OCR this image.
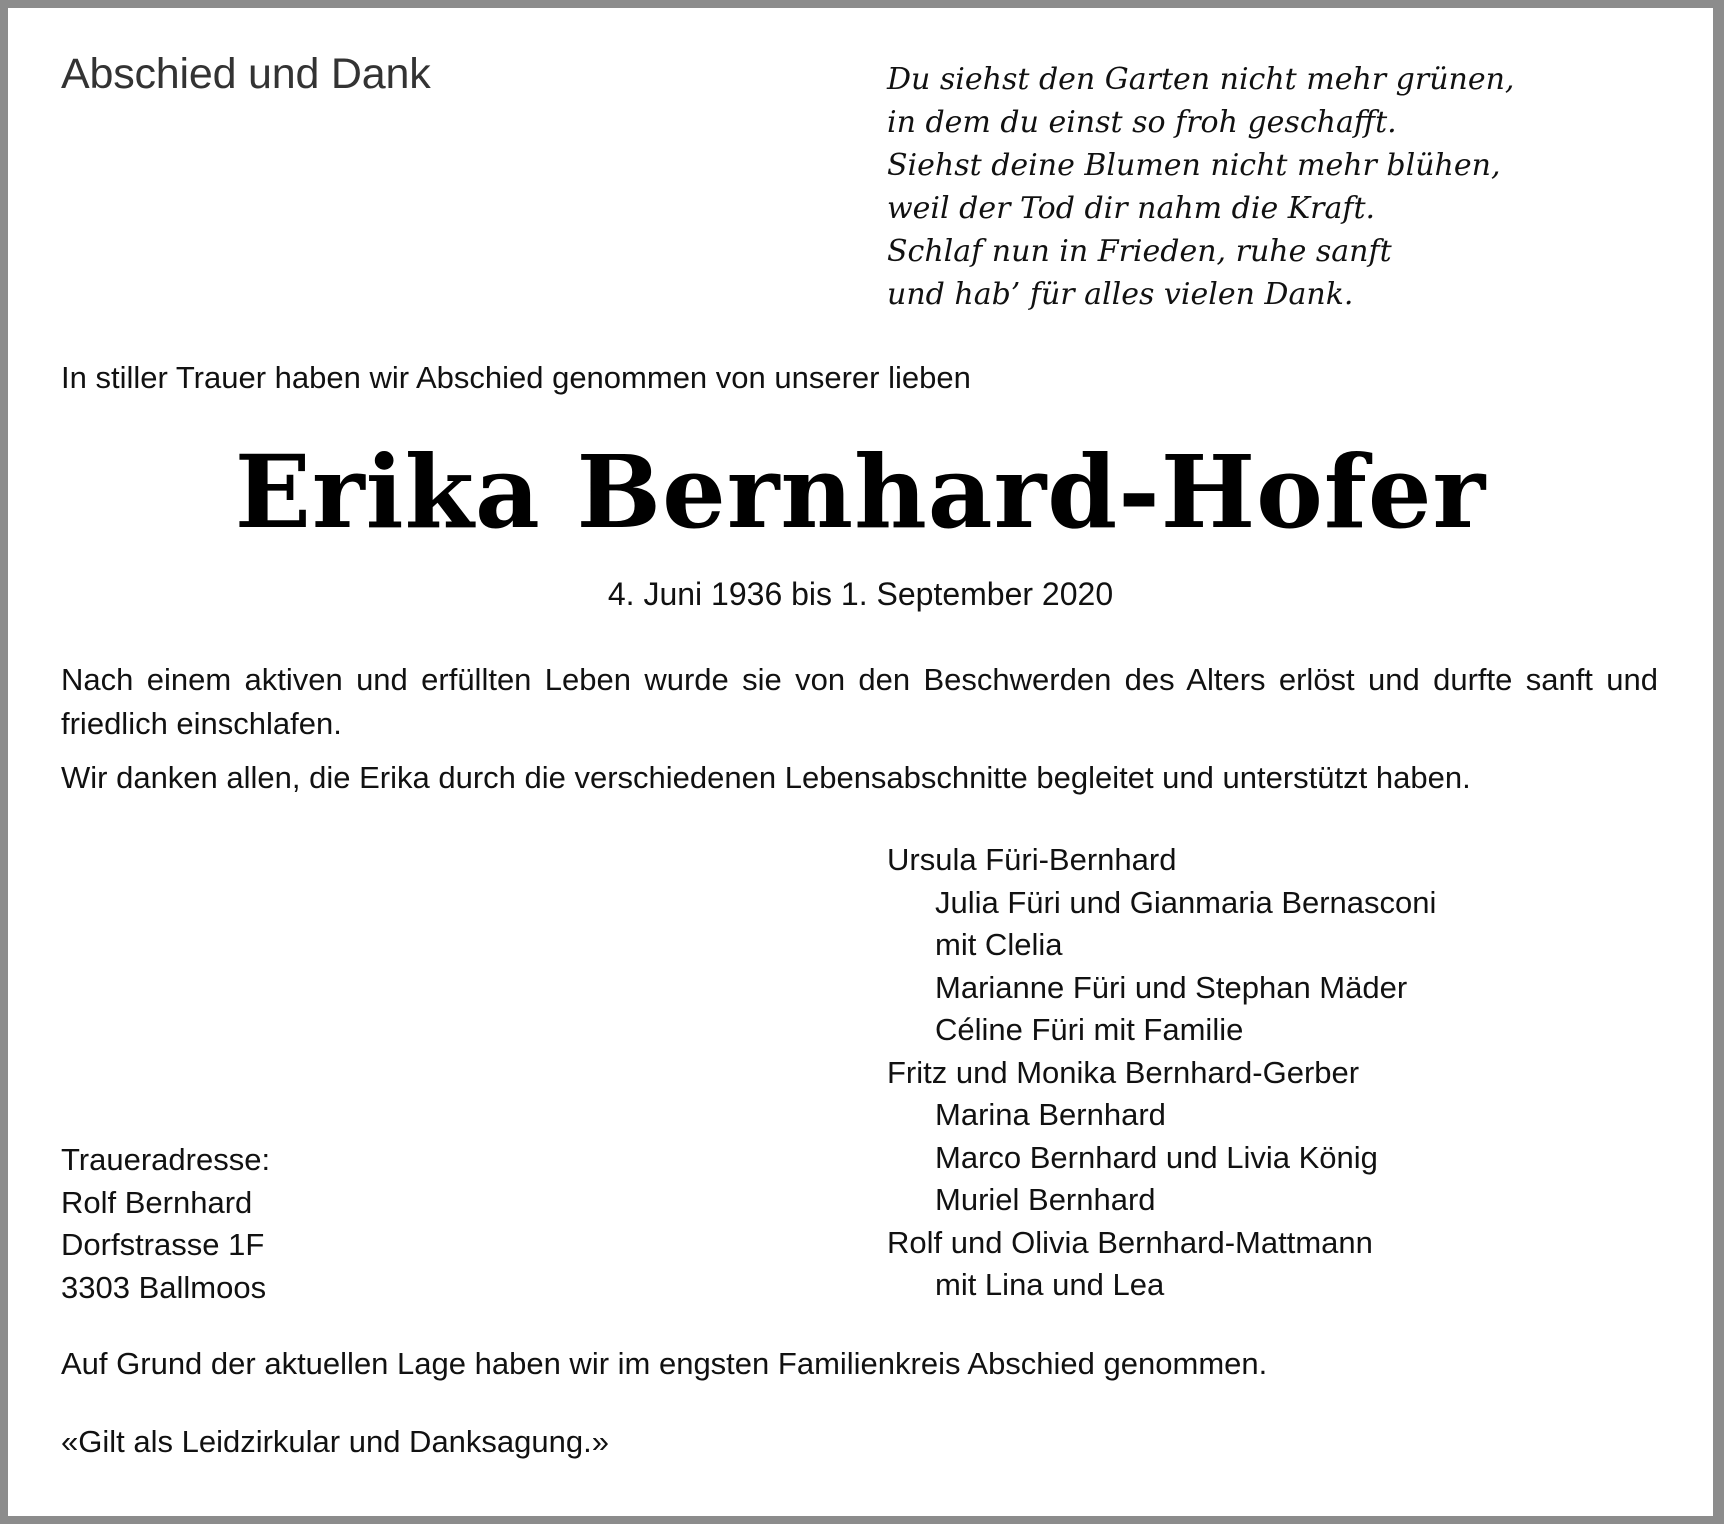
Abschied und Dank	Du siehst den Garten nicht mehr grünen,
in dem du einst so froh geschafft.
Siehst deine Blumen nicht mehr blühen,
weil der Tod dir nahm die Kraft.
Schlaf nun in Frieden, ruhe sanft
und hab’ für alles vielen Dank.

In stiller Trauer haben wir Abschied genommen von unserer lieben

Erika Bernhard-Hofer

4. Juni 1936 bis 1. September 2020

Nach einem aktiven und erfüllten Leben wurde sie von den Beschwerden des Alters erlöst und durfte sanft und friedlich einschlafen.

Wir danken allen, die Erika durch die verschiedenen Lebensabschnitte begleitet und unterstützt haben.

Ursula Füri-Bernhard
Julia Füri und Gianmaria Bernasconi
mit Clelia
Marianne Füri und Stephan Mäder
Céline Füri mit Familie
Fritz und Monika Bernhard-Gerber
Marina Bernhard
Marco Bernhard und Livia König
Muriel Bernhard
Rolf und Olivia Bernhard-Mattmann
mit Lina und Lea
Traueradresse:
Rolf Bernhard
Dorfstrasse 1F
3303 Ballmoos

Auf Grund der aktuellen Lage haben wir im engsten Familienkreis Abschied genommen.

«Gilt als Leidzirkular und Danksagung.»
